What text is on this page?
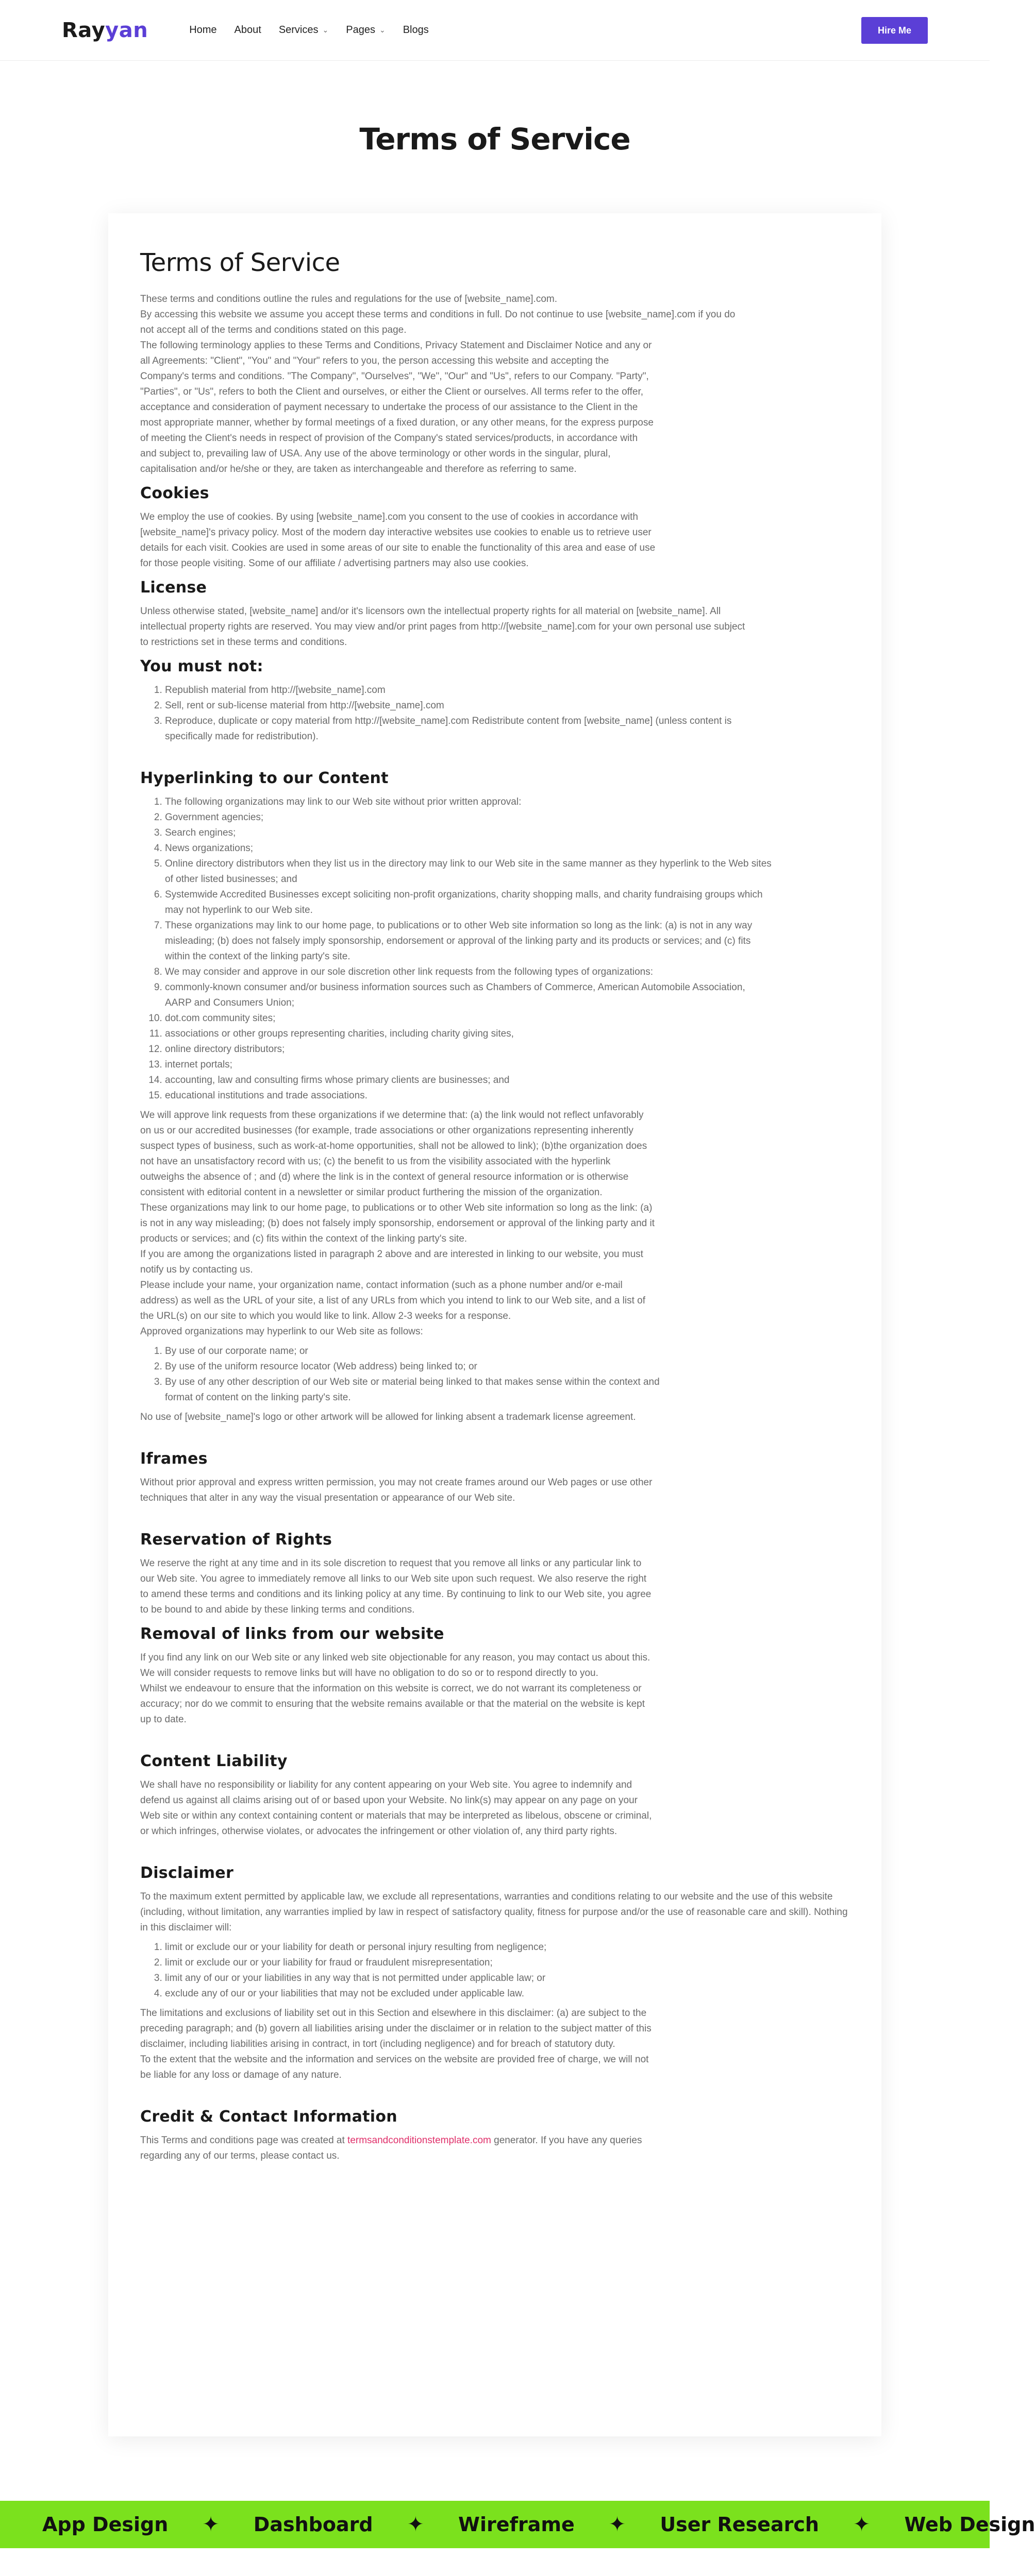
Rayyan	Home About Services ⌄ Pages ⌄ Blogs	Hire Me
Terms of Service
Terms of Service

These terms and conditions outline the rules and regulations for the use of [website_name].com.

By accessing this website we assume you accept these terms and conditions in full. Do not continue to use [website_name].com if you do not accept all of the terms and conditions stated on this page.

The following terminology applies to these Terms and Conditions, Privacy Statement and Disclaimer Notice and any or all Agreements: "Client", "You" and "Your" refers to you, the person accessing this website and accepting the Company's terms and conditions. "The Company", "Ourselves", "We", "Our" and "Us", refers to our Company. "Party", "Parties", or "Us", refers to both the Client and ourselves, or either the Client or ourselves. All terms refer to the offer, acceptance and consideration of payment necessary to undertake the process of our assistance to the Client in the most appropriate manner, whether by formal meetings of a fixed duration, or any other means, for the express purpose of meeting the Client's needs in respect of provision of the Company's stated services/products, in accordance with and subject to, prevailing law of USA. Any use of the above terminology or other words in the singular, plural, capitalisation and/or he/she or they, are taken as interchangeable and therefore as referring to same.

Cookies

We employ the use of cookies. By using [website_name].com you consent to the use of cookies in accordance with [website_name]'s privacy policy. Most of the modern day interactive websites use cookies to enable us to retrieve user details for each visit. Cookies are used in some areas of our site to enable the functionality of this area and ease of use for those people visiting. Some of our affiliate / advertising partners may also use cookies.

License

Unless otherwise stated, [website_name] and/or it's licensors own the intellectual property rights for all material on [website_name]. All intellectual property rights are reserved. You may view and/or print pages from http://[website_name].com for your own personal use subject to restrictions set in these terms and conditions.

You must not:
1. Republish material from http://[website_name].com
2. Sell, rent or sub-license material from http://[website_name].com
3. Reproduce, duplicate or copy material from http://[website_name].com Redistribute content from [website_name] (unless content is specifically made for redistribution).
Hyperlinking to our Content
1. The following organizations may link to our Web site without prior written approval:
2. Government agencies;
3. Search engines;
4. News organizations;
5. Online directory distributors when they list us in the directory may link to our Web site in the same manner as they hyperlink to the Web sites of other listed businesses; and
6. Systemwide Accredited Businesses except soliciting non-profit organizations, charity shopping malls, and charity fundraising groups which may not hyperlink to our Web site.
7. These organizations may link to our home page, to publications or to other Web site information so long as the link: (a) is not in any way misleading; (b) does not falsely imply sponsorship, endorsement or approval of the linking party and its products or services; and (c) fits within the context of the linking party's site.
8. We may consider and approve in our sole discretion other link requests from the following types of organizations:
9. commonly-known consumer and/or business information sources such as Chambers of Commerce, American Automobile Association, AARP and Consumers Union;
10. dot.com community sites;
11. associations or other groups representing charities, including charity giving sites,
12. online directory distributors;
13. internet portals;
14. accounting, law and consulting firms whose primary clients are businesses; and
15. educational institutions and trade associations.

We will approve link requests from these organizations if we determine that: (a) the link would not reflect unfavorably on us or our accredited businesses (for example, trade associations or other organizations representing inherently suspect types of business, such as work-at-home opportunities, shall not be allowed to link); (b)the organization does not have an unsatisfactory record with us; (c) the benefit to us from the visibility associated with the hyperlink outweighs the absence of ; and (d) where the link is in the context of general resource information or is otherwise consistent with editorial content in a newsletter or similar product furthering the mission of the organization.

These organizations may link to our home page, to publications or to other Web site information so long as the link: (a) is not in any way misleading; (b) does not falsely imply sponsorship, endorsement or approval of the linking party and it products or services; and (c) fits within the context of the linking party's site.

If you are among the organizations listed in paragraph 2 above and are interested in linking to our website, you must notify us by contacting us.

Please include your name, your organization name, contact information (such as a phone number and/or e-mail address) as well as the URL of your site, a list of any URLs from which you intend to link to our Web site, and a list of the URL(s) on our site to which you would like to link. Allow 2-3 weeks for a response.

Approved organizations may hyperlink to our Web site as follows:

1. By use of our corporate name; or
2. By use of the uniform resource locator (Web address) being linked to; or
3. By use of any other description of our Web site or material being linked to that makes sense within the context and format of content on the linking party's site.

No use of [website_name]'s logo or other artwork will be allowed for linking absent a trademark license agreement.

Iframes

Without prior approval and express written permission, you may not create frames around our Web pages or use other techniques that alter in any way the visual presentation or appearance of our Web site.

Reservation of Rights

We reserve the right at any time and in its sole discretion to request that you remove all links or any particular link to our Web site. You agree to immediately remove all links to our Web site upon such request. We also reserve the right to amend these terms and conditions and its linking policy at any time. By continuing to link to our Web site, you agree to be bound to and abide by these linking terms and conditions.

Removal of links from our website

If you find any link on our Web site or any linked web site objectionable for any reason, you may contact us about this. We will consider requests to remove links but will have no obligation to do so or to respond directly to you.

Whilst we endeavour to ensure that the information on this website is correct, we do not warrant its completeness or accuracy; nor do we commit to ensuring that the website remains available or that the material on the website is kept up to date.

Content Liability

We shall have no responsibility or liability for any content appearing on your Web site. You agree to indemnify and defend us against all claims arising out of or based upon your Website. No link(s) may appear on any page on your Web site or within any context containing content or materials that may be interpreted as libelous, obscene or criminal, or which infringes, otherwise violates, or advocates the infringement or other violation of, any third party rights.

Disclaimer

To the maximum extent permitted by applicable law, we exclude all representations, warranties and conditions relating to our website and the use of this website (including, without limitation, any warranties implied by law in respect of satisfactory quality, fitness for purpose and/or the use of reasonable care and skill). Nothing in this disclaimer will:

1. limit or exclude our or your liability for death or personal injury resulting from negligence;
2. limit or exclude our or your liability for fraud or fraudulent misrepresentation;
3. limit any of our or your liabilities in any way that is not permitted under applicable law; or
4. exclude any of our or your liabilities that may not be excluded under applicable law.

The limitations and exclusions of liability set out in this Section and elsewhere in this disclaimer: (a) are subject to the preceding paragraph; and (b) govern all liabilities arising under the disclaimer or in relation to the subject matter of this disclaimer, including liabilities arising in contract, in tort (including negligence) and for breach of statutory duty.

To the extent that the website and the information and services on the website are provided free of charge, we will not be liable for any loss or damage of any nature.

Credit & Contact Information

This Terms and conditions page was created at termsandconditionstemplate.com generator. If you have any queries regarding any of our terms, please contact us.

App Design ✦ Dashboard ✦ Wireframe ✦ User Research ✦ Web Design
